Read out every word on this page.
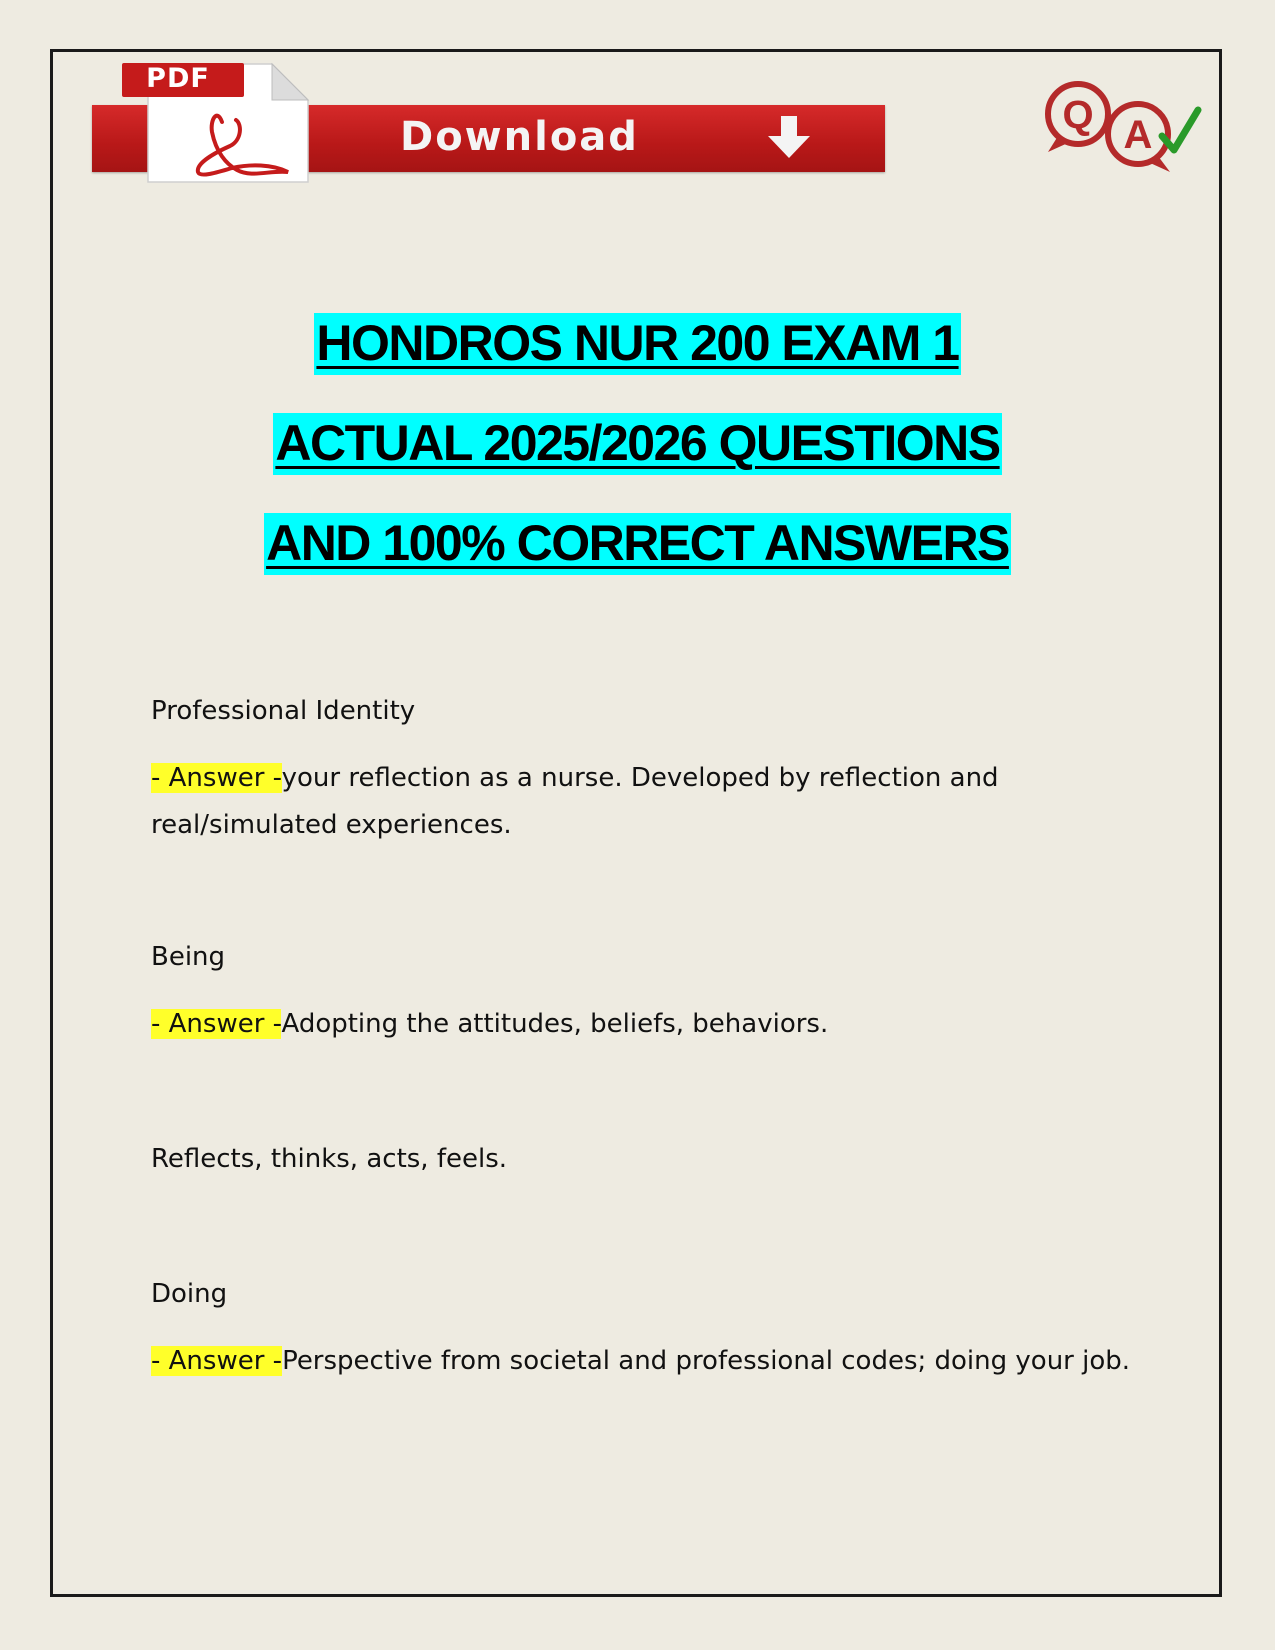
PDF
Download	Q A
HONDROS NUR 200 EXAM 1
ACTUAL 2025/2026 QUESTIONS
AND 100% CORRECT ANSWERS

Professional Identity

- Answer -your reflection as a nurse. Developed by reflection and real/simulated experiences.

Being

- Answer -Adopting the attitudes, beliefs, behaviors.

Reflects, thinks, acts, feels.

Doing

- Answer -Perspective from societal and professional codes; doing your job.
